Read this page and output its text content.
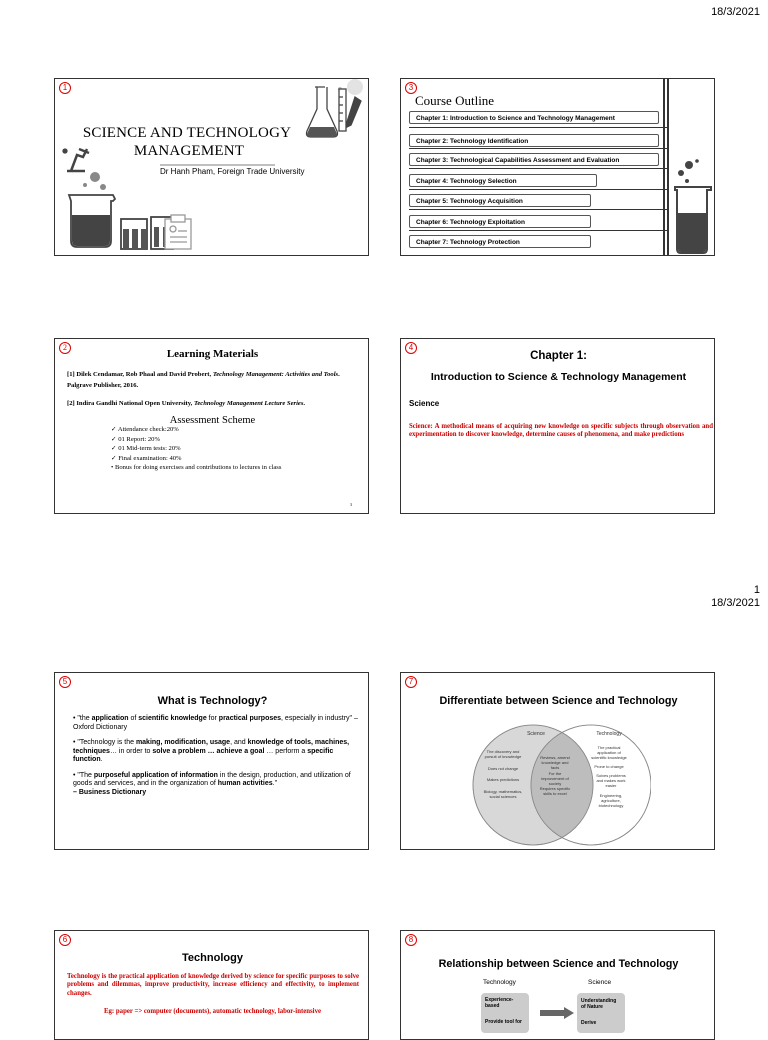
18/3/2021
1
18/3/2021
1
SCIENCE AND TECHNOLOGY
MANAGEMENT
Dr Hanh Pham, Foreign Trade University
3
Course Outline
Chapter 1: Introduction to Science and Technology Management
Chapter 2: Technology Identification
Chapter 3: Technological Capabilities Assessment and Evaluation
Chapter 4: Technology Selection
Chapter 5: Technology Acquisition
Chapter 6: Technology Exploitation
Chapter 7: Technology Protection
2
Learning Materials
[1] Dilek Cendamar, Rob Phaal and David Probert, Technology Management: Activities and Tools. Palgrave Publisher, 2016.
[2] Indira Gandhi National Open University, Technology Management Lecture Series.
Assessment Scheme
✓ Attendance check:20%
✓ 01 Report: 20%
✓ 01 Mid-term tests: 20%
✓ Final examination: 40%
• Bonus for doing exercises and contributions to lectures in class
3
4
Chapter 1:
Introduction to Science & Technology Management
Science
Science: A methodical means of acquiring new knowledge on specific subjects through observation and experimentation to discover knowledge, determine causes of phenomena, and make predictions
5
What is Technology?

• "the application of scientific knowledge for practical purposes, especially in industry" – Oxford Dictionary

• "Technology is the making, modification, usage, and knowledge of tools, machines, techniques… in order to solve a problem … achieve a goal … perform a specific function.

• "The purposeful application of information in the design, production, and utilization of goods and services, and in the organization of human activities."
– Business Dictionary

7
Differentiate between Science and Technology
Science	Technology
The discovery and pursuit of knowledge
Does not change
Makes predictions
Biology, mathematics, social sciences
Reviews, amend knowledge and facts
For the improvement of society
Requires specific skills to excel
The practical application of scientific knowledge
Prone to change
Solves problems and makes work easier
Engineering, agriculture, biotechnology
6
Technology
Technology is the practical application of knowledge derived by science for specific purposes to solve problems and dilemmas, improve productivity, increase efficiency and effectivity, to implement changes.
Eg: paper => computer (documents), automatic technology, labor-intensive
8
Relationship between Science and Technology
Technology	Science
Experience-based
Provide tool for
Understanding of Nature
Derive
